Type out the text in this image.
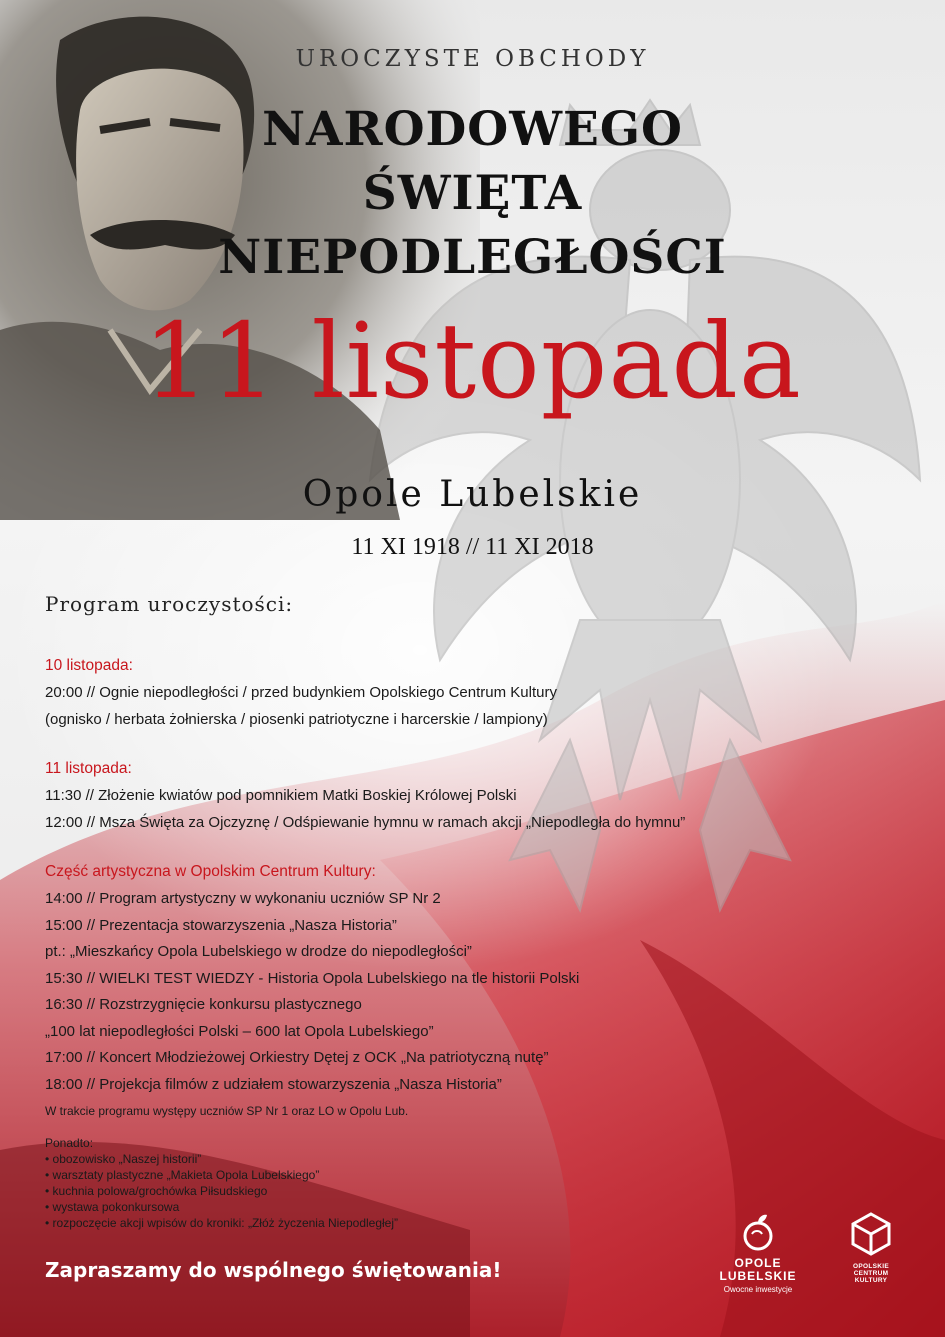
UROCZYSTE OBCHODY
NARODOWEGO
ŚWIĘTA
NIEPODLEGŁOŚCI
11 listopada
Opole Lubelskie
11 XI 1918 // 11 XI 2018
Program uroczystości:
10 listopada:
20:00 // Ognie niepodległości / przed budynkiem Opolskiego Centrum Kultury
(ognisko / herbata żołnierska / piosenki patriotyczne i harcerskie / lampiony)
11 listopada:
11:30 // Złożenie kwiatów pod pomnikiem Matki Boskiej Królowej Polski
12:00 // Msza Święta za Ojczyznę / Odśpiewanie hymnu w ramach akcji „Niepodległa do hymnu”
Część artystyczna w Opolskim Centrum Kultury:
14:00 // Program artystyczny w wykonaniu uczniów SP Nr 2
15:00 // Prezentacja stowarzyszenia „Nasza Historia”
pt.: „Mieszkańcy Opola Lubelskiego w drodze do niepodległości”
15:30 // WIELKI TEST WIEDZY - Historia Opola Lubelskiego na tle historii Polski
16:30 // Rozstrzygnięcie konkursu plastycznego
„100 lat niepodległości Polski – 600 lat Opola Lubelskiego”
17:00 // Koncert Młodzieżowej Orkiestry Dętej z OCK „Na patriotyczną nutę”
18:00 // Projekcja filmów z udziałem stowarzyszenia „Nasza Historia”
W trakcie programu występy uczniów SP Nr 1 oraz LO w Opolu Lub.
Ponadto:
• obozowisko „Naszej historii”
• warsztaty plastyczne „Makieta Opola Lubelskiego”
• kuchnia polowa/grochówka Piłsudskiego
• wystawa pokonkursowa
• rozpoczęcie akcji wpisów do kroniki: „Złóż życzenia Niepodległej”
Zapraszamy do wspólnego świętowania!	OPOLE
LUBELSKIE
Owocne inwestycje
OPOLSKIE
CENTRUM
KULTURY
